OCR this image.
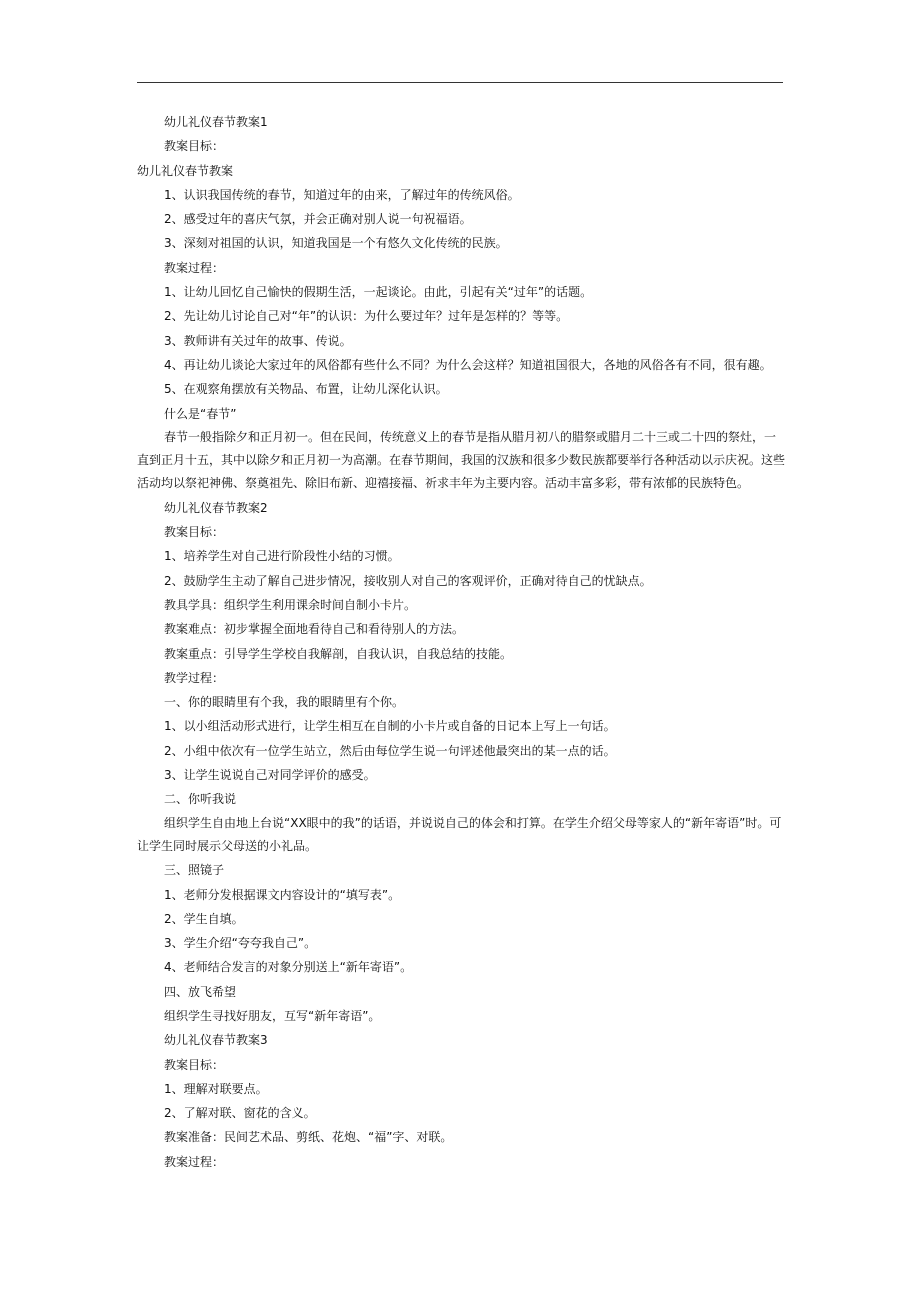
幼儿礼仪春节教案1
教案目标：
幼儿礼仪春节教案
1、认识我国传统的春节，知道过年的由来，了解过年的传统风俗。
2、感受过年的喜庆气氛，并会正确对别人说一句祝福语。
3、深刻对祖国的认识，知道我国是一个有悠久文化传统的民族。
教案过程：
1、让幼儿回忆自己愉快的假期生活，一起谈论。由此，引起有关“过年”的话题。
2、先让幼儿讨论自己对“年”的认识：为什么要过年？过年是怎样的？等等。
3、教师讲有关过年的故事、传说。
4、再让幼儿谈论大家过年的风俗都有些什么不同？为什么会这样？知道祖国很大，各地的风俗各有不同，很有趣。
5、在观察角摆放有关物品、布置，让幼儿深化认识。
什么是“春节”
春节一般指除夕和正月初一。但在民间，传统意义上的春节是指从腊月初八的腊祭或腊月二十三或二十四的祭灶，一直到正月十五，其中以除夕和正月初一为高潮。在春节期间，我国的汉族和很多少数民族都要举行各种活动以示庆祝。这些活动均以祭祀神佛、祭奠祖先、除旧布新、迎禧接福、祈求丰年为主要内容。活动丰富多彩，带有浓郁的民族特色。
幼儿礼仪春节教案2
教案目标：
1、培养学生对自己进行阶段性小结的习惯。
2、鼓励学生主动了解自己进步情况，接收别人对自己的客观评价，正确对待自己的忧缺点。
教具学具：组织学生利用课余时间自制小卡片。
教案难点：初步掌握全面地看待自己和看待别人的方法。
教案重点：引导学生学校自我解剖，自我认识，自我总结的技能。
教学过程：
一、你的眼睛里有个我，我的眼睛里有个你。
1、以小组活动形式进行，让学生相互在自制的小卡片或自备的日记本上写上一句话。
2、小组中依次有一位学生站立，然后由每位学生说一句评述他最突出的某一点的话。
3、让学生说说自己对同学评价的感受。
二、你听我说
组织学生自由地上台说“XX眼中的我”的话语，并说说自己的体会和打算。在学生介绍父母等家人的“新年寄语”时。可让学生同时展示父母送的小礼品。
三、照镜子
1、老师分发根据课文内容设计的“填写表”。
2、学生自填。
3、学生介绍“夸夸我自己”。
4、老师结合发言的对象分别送上“新年寄语”。
四、放飞希望
组织学生寻找好朋友，互写“新年寄语”。
幼儿礼仪春节教案3
教案目标：
1、理解对联要点。
2、了解对联、窗花的含义。
教案准备：民间艺术品、剪纸、花炮、“福”字、对联。
教案过程：
